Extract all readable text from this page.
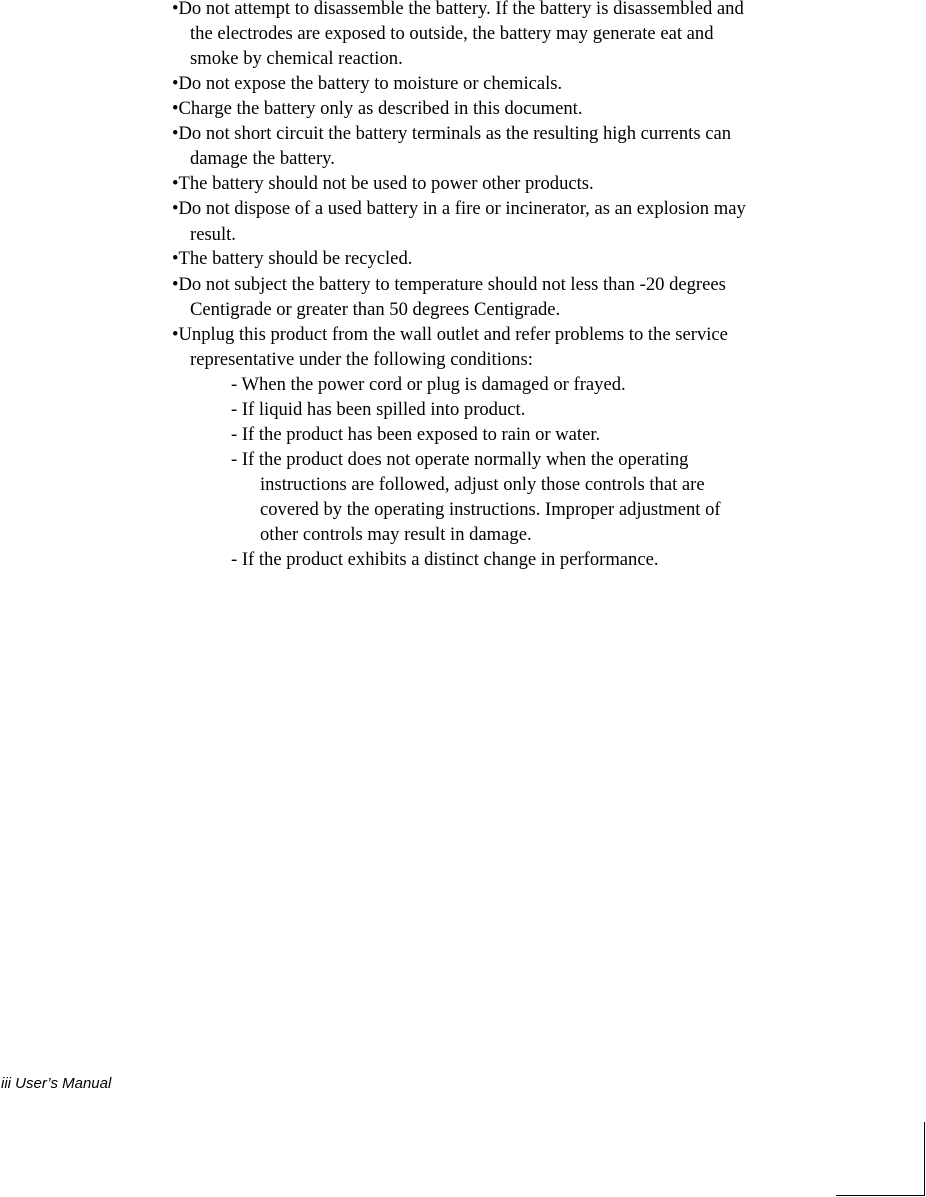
•Do not attempt to disassemble the battery. If the battery is disassembled and

the electrodes are exposed to outside, the battery may generate eat and

smoke by chemical reaction.

•Do not expose the battery to moisture or chemicals.

•Charge the battery only as described in this document.

•Do not short circuit the battery terminals as the resulting high currents can

damage the battery.

•The battery should not be used to power other products.

•Do not dispose of a used battery in a fire or incinerator, as an explosion may

result.

•The battery should be recycled.

•Do not subject the battery to temperature should not less than -20 degrees

Centigrade or greater than 50 degrees Centigrade.

•Unplug this product from the wall outlet and refer problems to the service

representative under the following conditions:

- When the power cord or plug is damaged or frayed.

- If liquid has been spilled into product.

- If the product has been exposed to rain or water.

- If the product does not operate normally when the operating

instructions are followed, adjust only those controls that are

covered by the operating instructions. Improper adjustment of

other controls may result in damage.

- If the product exhibits a distinct change in performance.

iii User’s Manual
